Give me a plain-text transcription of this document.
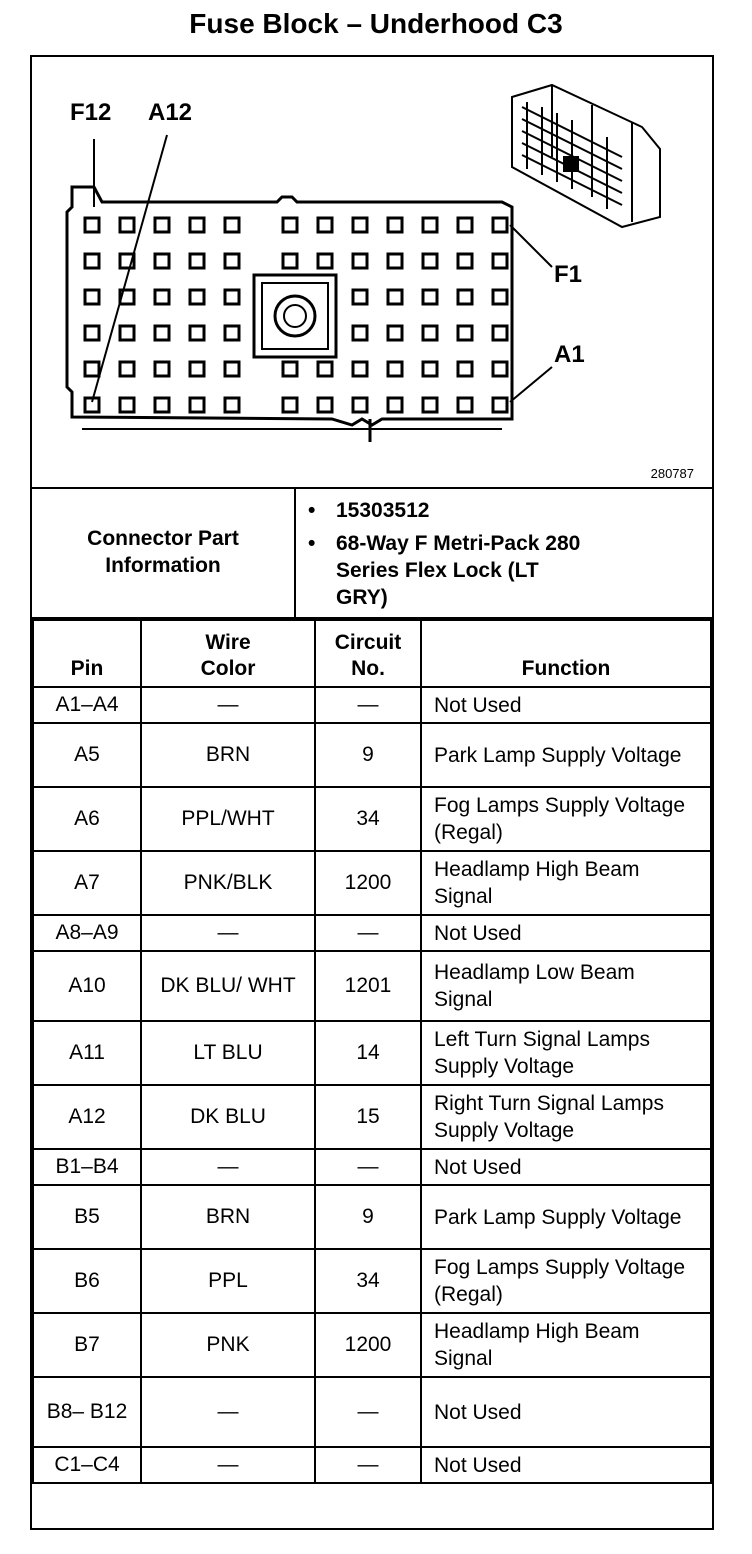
Fuse Block – Underhood C3
F12 A12
F1
A1
280787
Connector Part Information
• 15303512
• 68-Way F Metri-Pack 280 Series Flex Lock (LT GRY)
Pin	Wire Color	Circuit No.	Function
A1–A4	—	—	Not Used
A5	BRN	9	Park Lamp Supply Voltage
A6	PPL/WHT	34	Fog Lamps Supply Voltage (Regal)
A7	PNK/BLK	1200	Headlamp High Beam Signal
A8–A9	—	—	Not Used
A10	DK BLU/ WHT	1201	Headlamp Low Beam Signal
A11	LT BLU	14	Left Turn Signal Lamps Supply Voltage
A12	DK BLU	15	Right Turn Signal Lamps Supply Voltage
B1–B4	—	—	Not Used
B5	BRN	9	Park Lamp Supply Voltage
B6	PPL	34	Fog Lamps Supply Voltage (Regal)
B7	PNK	1200	Headlamp High Beam Signal
B8– B12	—	—	Not Used
C1–C4	—	—	Not Used
